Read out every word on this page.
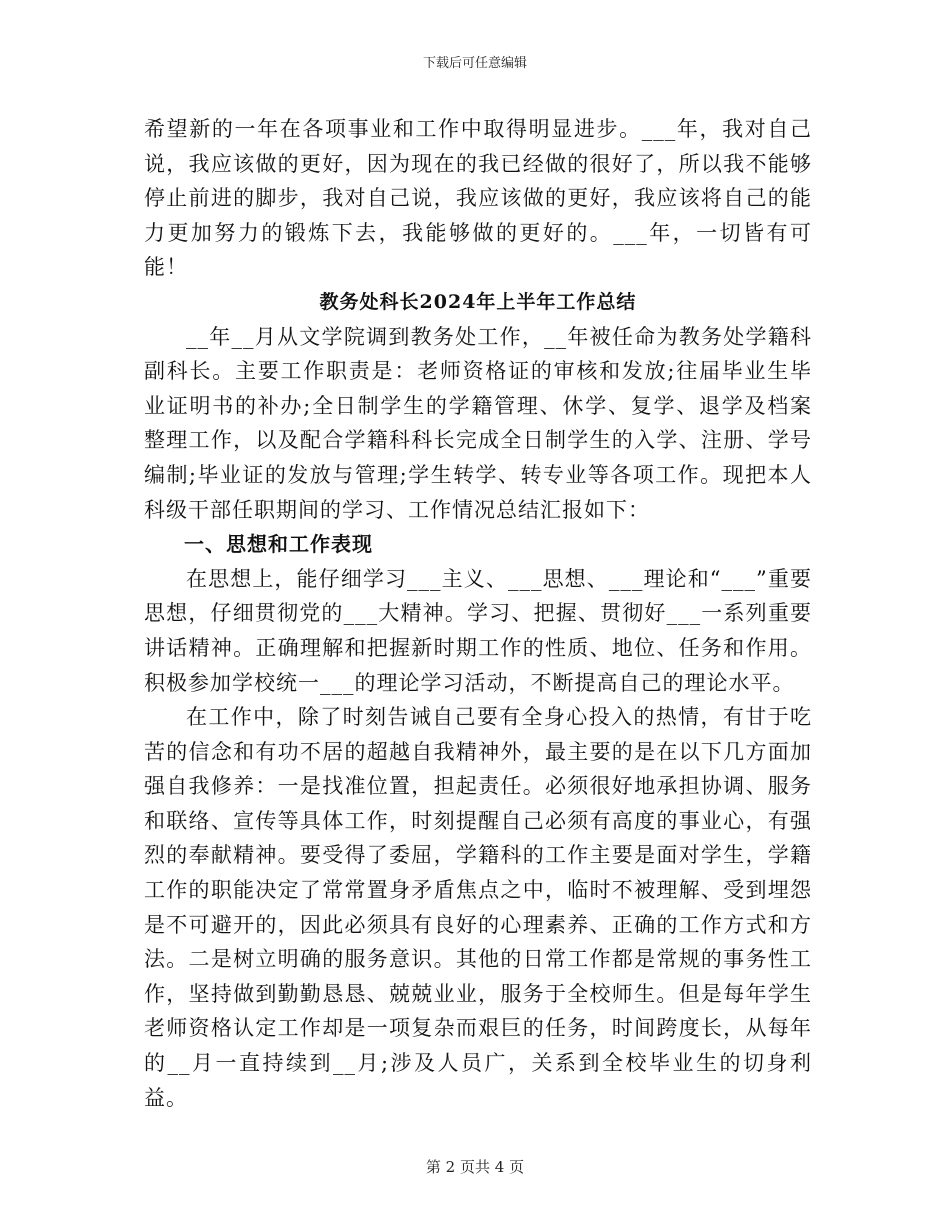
下载后可任意编辑

希望新的一年在各项事业和工作中取得明显进步。___年，我对自己说，我应该做的更好，因为现在的我已经做的很好了，所以我不能够停止前进的脚步，我对自己说，我应该做的更好，我应该将自己的能力更加努力的锻炼下去，我能够做的更好的。___年，一切皆有可能！

教务处科长2024年上半年工作总结

__年__月从文学院调到教务处工作，__年被任命为教务处学籍科副科长。主要工作职责是：老师资格证的审核和发放;往届毕业生毕业证明书的补办;全日制学生的学籍管理、休学、复学、退学及档案整理工作，以及配合学籍科科长完成全日制学生的入学、注册、学号编制;毕业证的发放与管理;学生转学、转专业等各项工作。现把本人科级干部任职期间的学习、工作情况总结汇报如下：

一、思想和工作表现

在思想上，能仔细学习___主义、___思想、___理论和“___”重要思想，仔细贯彻党的___大精神。学习、把握、贯彻好___一系列重要讲话精神。正确理解和把握新时期工作的性质、地位、任务和作用。积极参加学校统一___的理论学习活动，不断提高自己的理论水平。

在工作中，除了时刻告诫自己要有全身心投入的热情，有甘于吃苦的信念和有功不居的超越自我精神外，最主要的是在以下几方面加强自我修养：一是找准位置，担起责任。必须很好地承担协调、服务和联络、宣传等具体工作，时刻提醒自己必须有高度的事业心，有强烈的奉献精神。要受得了委屈，学籍科的工作主要是面对学生，学籍工作的职能决定了常常置身矛盾焦点之中，临时不被理解、受到埋怨是不可避开的，因此必须具有良好的心理素养、正确的工作方式和方法。二是树立明确的服务意识。其他的日常工作都是常规的事务性工作，坚持做到勤勤恳恳、兢兢业业，服务于全校师生。但是每年学生老师资格认定工作却是一项复杂而艰巨的任务，时间跨度长，从每年的__月一直持续到__月;涉及人员广，关系到全校毕业生的切身利益。

第 2 页共 4 页
